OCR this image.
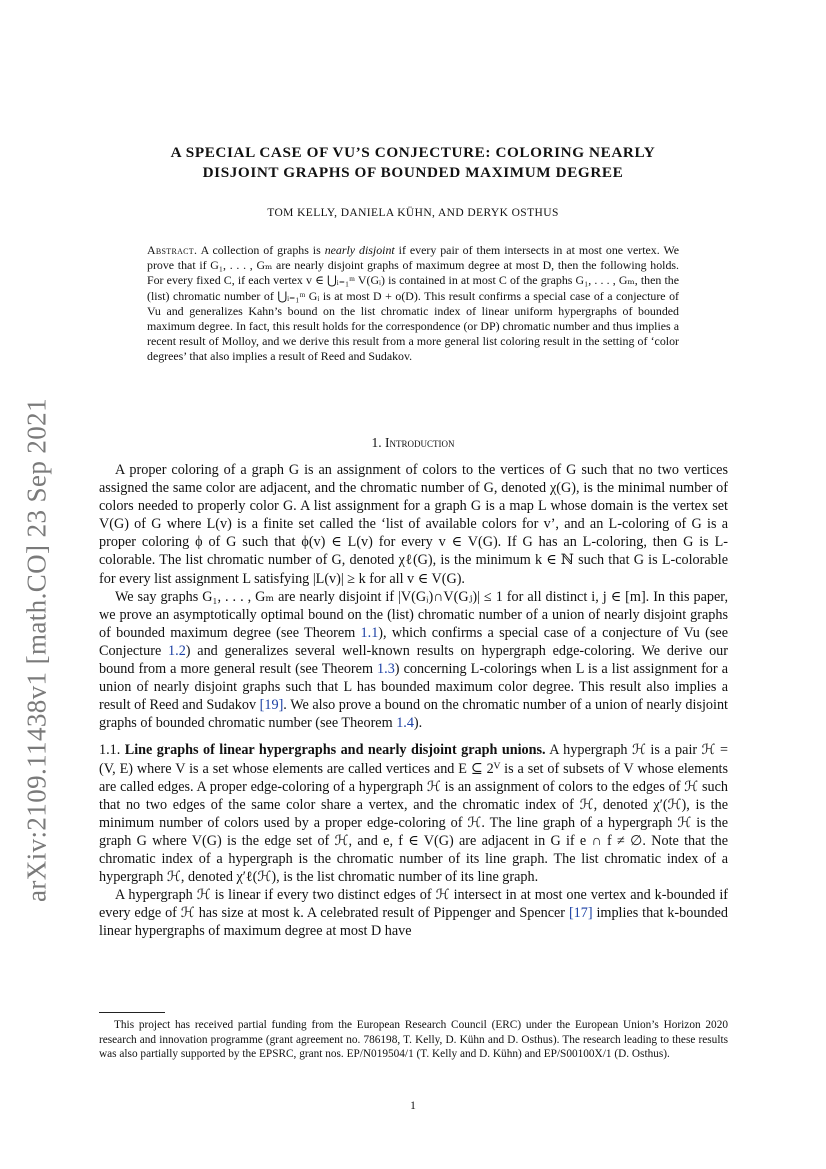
arXiv:2109.11438v1 [math.CO] 23 Sep 2021
A SPECIAL CASE OF VU’S CONJECTURE: COLORING NEARLY
DISJOINT GRAPHS OF BOUNDED MAXIMUM DEGREE
TOM KELLY, DANIELA KÜHN, AND DERYK OSTHUS
Abstract. A collection of graphs is nearly disjoint if every pair of them intersects in at most one vertex. We prove that if G₁, . . . , Gₘ are nearly disjoint graphs of maximum degree at most D, then the following holds. For every fixed C, if each vertex v ∈ ⋃ᵢ₌₁ᵐ V(Gᵢ) is contained in at most C of the graphs G₁, . . . , Gₘ, then the (list) chromatic number of ⋃ᵢ₌₁ᵐ Gᵢ is at most D + o(D). This result confirms a special case of a conjecture of Vu and generalizes Kahn’s bound on the list chromatic index of linear uniform hypergraphs of bounded maximum degree. In fact, this result holds for the correspondence (or DP) chromatic number and thus implies a recent result of Molloy, and we derive this result from a more general list coloring result in the setting of ‘color degrees’ that also implies a result of Reed and Sudakov.
1. Introduction

A proper coloring of a graph G is an assignment of colors to the vertices of G such that no two vertices assigned the same color are adjacent, and the chromatic number of G, denoted χ(G), is the minimal number of colors needed to properly color G. A list assignment for a graph G is a map L whose domain is the vertex set V(G) of G where L(v) is a finite set called the ‘list of available colors for v’, and an L-coloring of G is a proper coloring ϕ of G such that ϕ(v) ∈ L(v) for every v ∈ V(G). If G has an L-coloring, then G is L-colorable. The list chromatic number of G, denoted χℓ(G), is the minimum k ∈ ℕ such that G is L-colorable for every list assignment L satisfying |L(v)| ≥ k for all v ∈ V(G).

We say graphs G₁, . . . , Gₘ are nearly disjoint if |V(Gᵢ)∩V(Gⱼ)| ≤ 1 for all distinct i, j ∈ [m]. In this paper, we prove an asymptotically optimal bound on the (list) chromatic number of a union of nearly disjoint graphs of bounded maximum degree (see Theorem 1.1), which confirms a special case of a conjecture of Vu (see Conjecture 1.2) and generalizes several well-known results on hypergraph edge-coloring. We derive our bound from a more general result (see Theorem 1.3) concerning L-colorings when L is a list assignment for a union of nearly disjoint graphs such that L has bounded maximum color degree. This result also implies a result of Reed and Sudakov [19]. We also prove a bound on the chromatic number of a union of nearly disjoint graphs of bounded chromatic number (see Theorem 1.4).

1.1. Line graphs of linear hypergraphs and nearly disjoint graph unions. A hypergraph ℋ is a pair ℋ = (V, E) where V is a set whose elements are called vertices and E ⊆ 2ⱽ is a set of subsets of V whose elements are called edges. A proper edge-coloring of a hypergraph ℋ is an assignment of colors to the edges of ℋ such that no two edges of the same color share a vertex, and the chromatic index of ℋ, denoted χ′(ℋ), is the minimum number of colors used by a proper edge-coloring of ℋ. The line graph of a hypergraph ℋ is the graph G where V(G) is the edge set of ℋ, and e, f ∈ V(G) are adjacent in G if e ∩ f ≠ ∅. Note that the chromatic index of a hypergraph is the chromatic number of its line graph. The list chromatic index of a hypergraph ℋ, denoted χ′ℓ(ℋ), is the list chromatic number of its line graph.

A hypergraph ℋ is linear if every two distinct edges of ℋ intersect in at most one vertex and k-bounded if every edge of ℋ has size at most k. A celebrated result of Pippenger and Spencer [17] implies that k-bounded linear hypergraphs of maximum degree at most D have

This project has received partial funding from the European Research Council (ERC) under the European Union’s Horizon 2020 research and innovation programme (grant agreement no. 786198, T. Kelly, D. Kühn and D. Osthus). The research leading to these results was also partially supported by the EPSRC, grant nos. EP/N019504/1 (T. Kelly and D. Kühn) and EP/S00100X/1 (D. Osthus).

1
